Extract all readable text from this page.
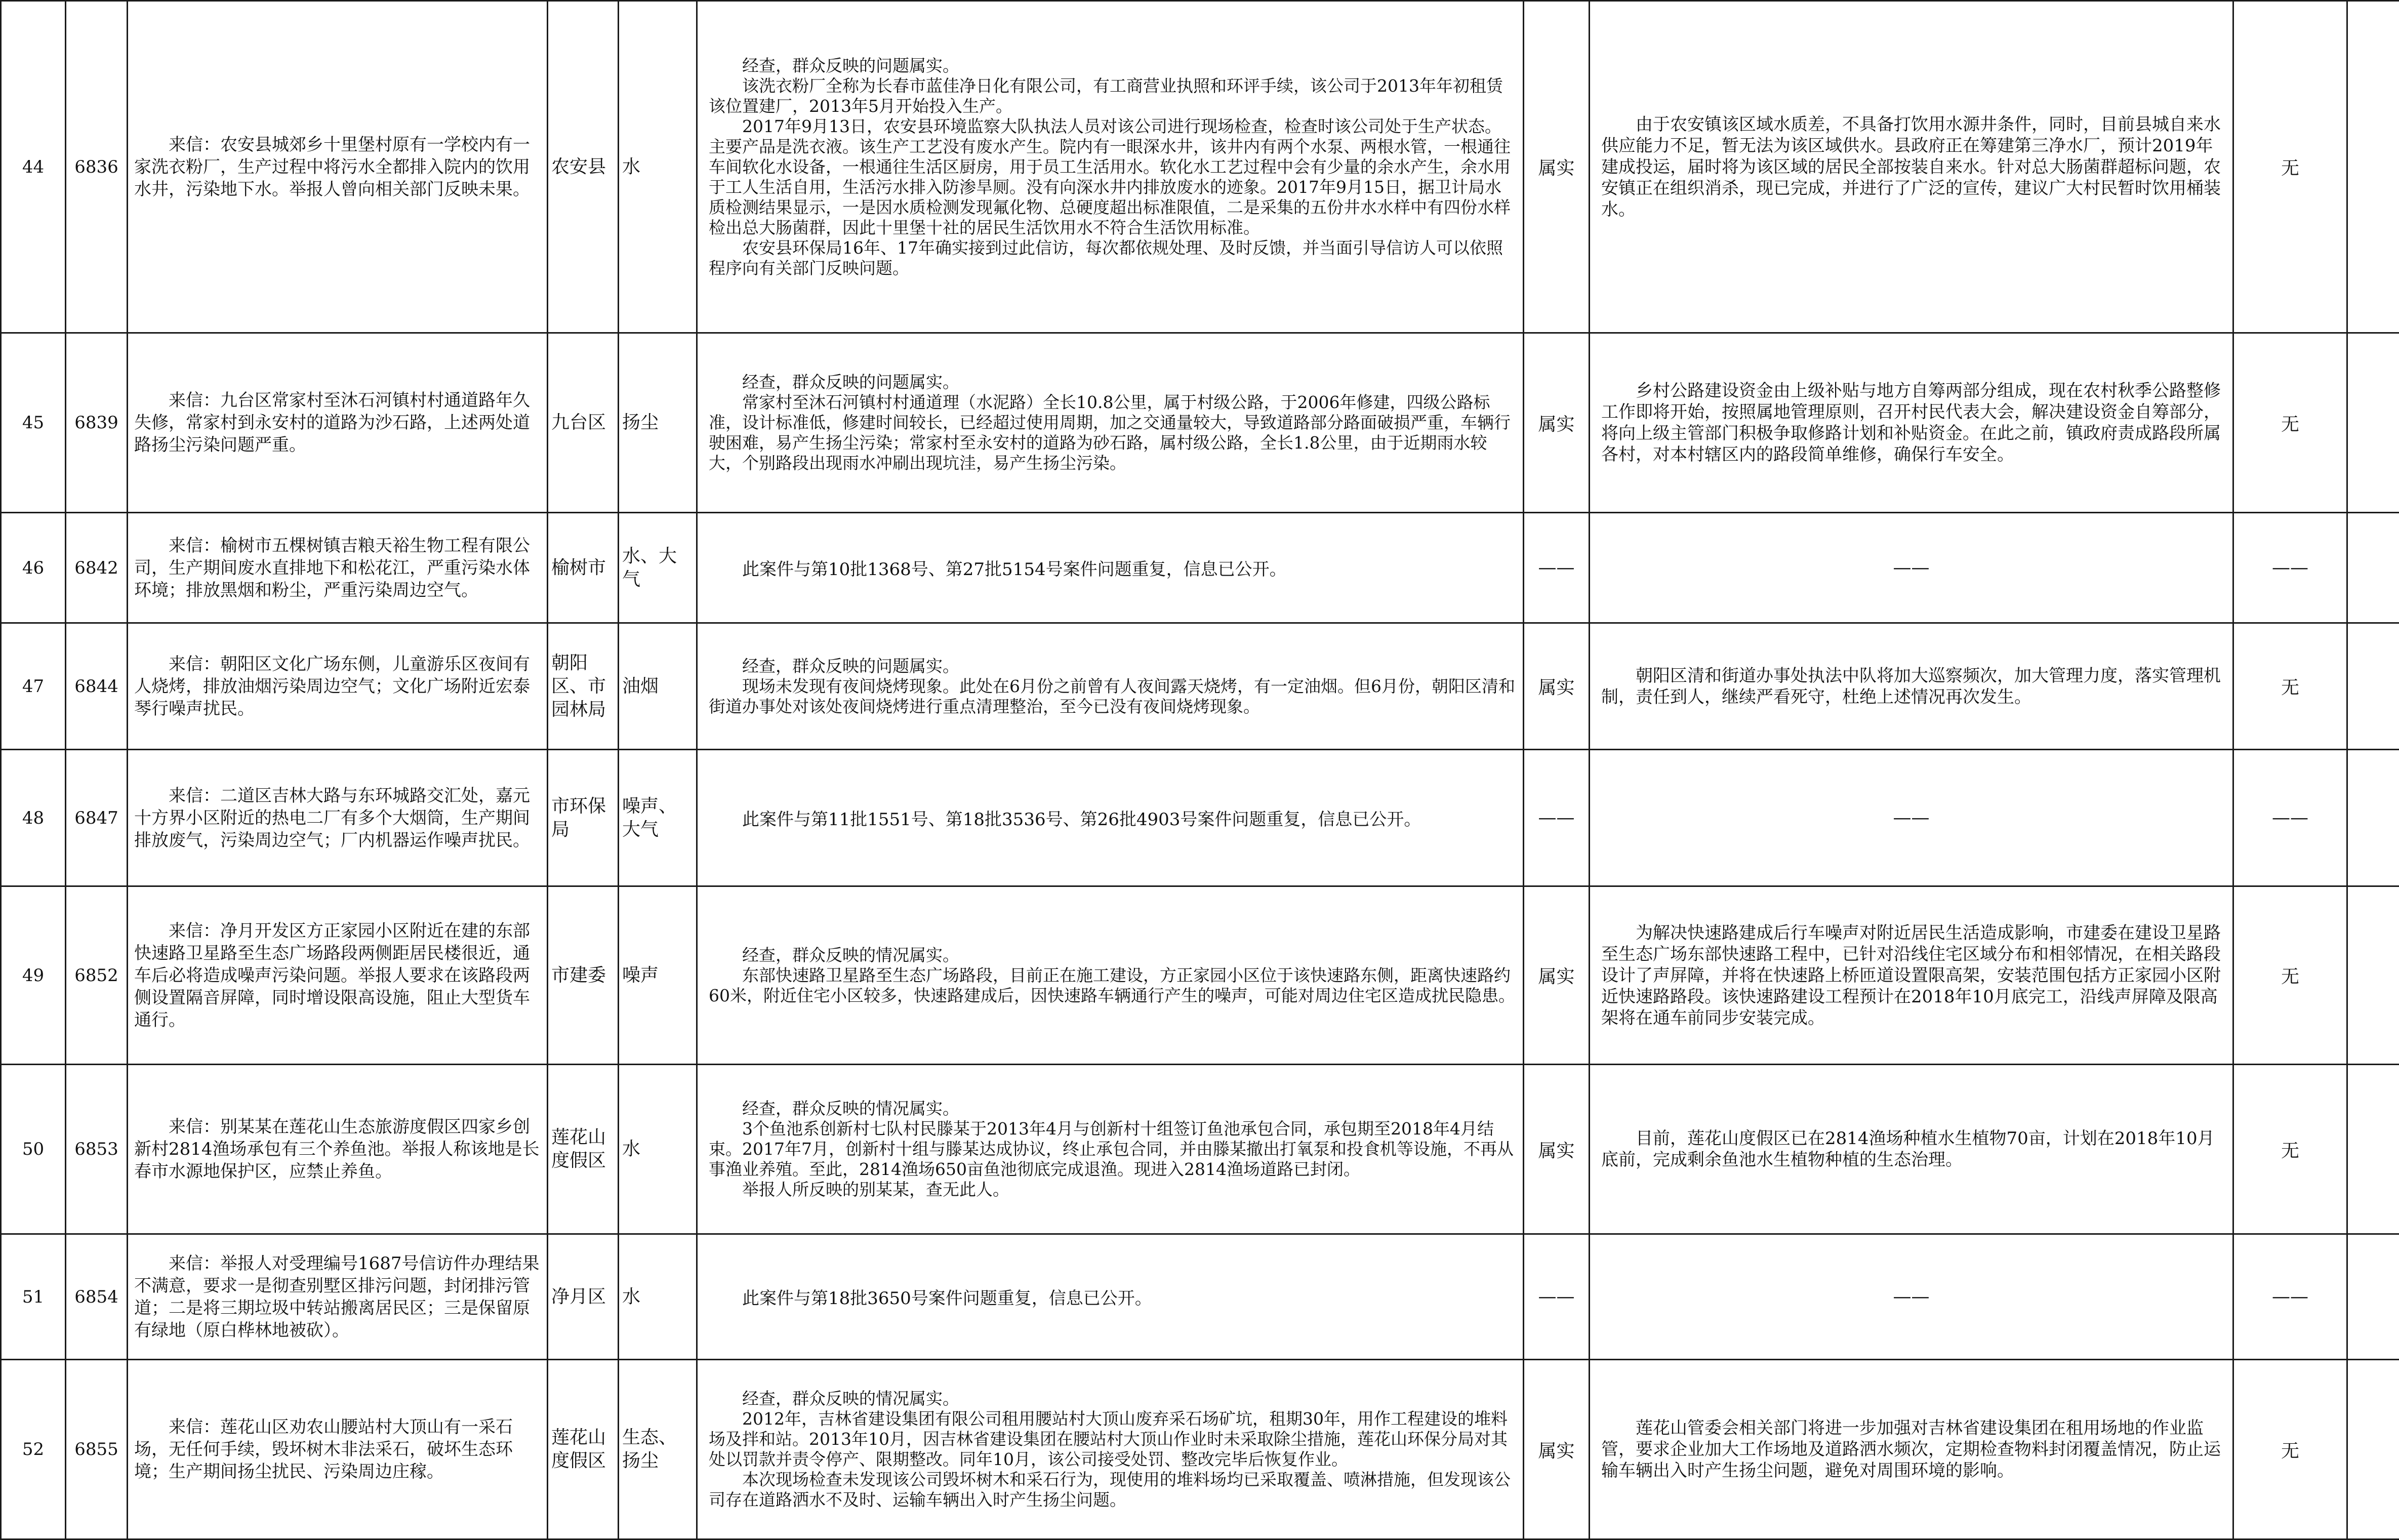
44	6836	来信：农安县城郊乡十里堡村原有一学校内有一家洗衣粉厂，生产过程中将污水全都排入院内的饮用水井，污染地下水。举报人曾向相关部门反映未果。	农安县	水	经查，群众反映的问题属实。

该洗衣粉厂全称为长春市蓝佳净日化有限公司，有工商营业执照和环评手续，该公司于2013年年初租赁该位置建厂，2013年5月开始投入生产。

2017年9月13日，农安县环境监察大队执法人员对该公司进行现场检查，检查时该公司处于生产状态。主要产品是洗衣液。该生产工艺没有废水产生。院内有一眼深水井，该井内有两个水泵、两根水管，一根通往车间软化水设备，一根通往生活区厨房，用于员工生活用水。软化水工艺过程中会有少量的余水产生，余水用于工人生活自用，生活污水排入防渗旱厕。没有向深水井内排放废水的迹象。2017年9月15日，据卫计局水质检测结果显示，一是因水质检测发现氟化物、总硬度超出标准限值，二是采集的五份井水水样中有四份水样检出总大肠菌群，因此十里堡十社的居民生活饮用水不符合生活饮用标准。

农安县环保局16年、17年确实接到过此信访，每次都依规处理、及时反馈，并当面引导信访人可以依照程序向有关部门反映问题。	属实	由于农安镇该区域水质差，不具备打饮用水源井条件，同时，目前县城自来水供应能力不足，暂无法为该区域供水。县政府正在筹建第三净水厂，预计2019年建成投运，届时将为该区域的居民全部按装自来水。针对总大肠菌群超标问题，农安镇正在组织消杀，现已完成，并进行了广泛的宣传，建议广大村民暂时饮用桶装水。	无	
45	6839	来信：九台区常家村至沐石河镇村村通道路年久失修，常家村到永安村的道路为沙石路，上述两处道路扬尘污染问题严重。	九台区	扬尘	经查，群众反映的问题属实。

常家村至沐石河镇村村通道理（水泥路）全长10.8公里，属于村级公路，于2006年修建，四级公路标准，设计标准低，修建时间较长，已经超过使用周期，加之交通量较大，导致道路部分路面破损严重，车辆行驶困难，易产生扬尘污染；常家村至永安村的道路为砂石路，属村级公路，全长1.8公里，由于近期雨水较大，个别路段出现雨水冲刷出现坑洼，易产生扬尘污染。	属实	乡村公路建设资金由上级补贴与地方自筹两部分组成，现在农村秋季公路整修工作即将开始，按照属地管理原则，召开村民代表大会，解决建设资金自筹部分，将向上级主管部门积极争取修路计划和补贴资金。在此之前，镇政府责成路段所属各村，对本村辖区内的路段简单维修，确保行车安全。	无	
46	6842	来信：榆树市五棵树镇吉粮天裕生物工程有限公司，生产期间废水直排地下和松花江，严重污染水体环境；排放黑烟和粉尘，严重污染周边空气。	榆树市	水、大气	此案件与第10批1368号、第27批5154号案件问题重复，信息已公开。	——	——	——	
47	6844	来信：朝阳区文化广场东侧，儿童游乐区夜间有人烧烤，排放油烟污染周边空气；文化广场附近宏泰琴行噪声扰民。	朝阳区、市园林局	油烟	经查，群众反映的问题属实。

现场未发现有夜间烧烤现象。此处在6月份之前曾有人夜间露天烧烤，有一定油烟。但6月份，朝阳区清和街道办事处对该处夜间烧烤进行重点清理整治，至今已没有夜间烧烤现象。	属实	朝阳区清和街道办事处执法中队将加大巡察频次，加大管理力度，落实管理机制，责任到人，继续严看死守，杜绝上述情况再次发生。	无	
48	6847	来信：二道区吉林大路与东环城路交汇处，嘉元十方界小区附近的热电二厂有多个大烟筒，生产期间排放废气，污染周边空气；厂内机器运作噪声扰民。	市环保局	噪声、大气	此案件与第11批1551号、第18批3536号、第26批4903号案件问题重复，信息已公开。	——	——	——	
49	6852	来信：净月开发区方正家园小区附近在建的东部快速路卫星路至生态广场路段两侧距居民楼很近，通车后必将造成噪声污染问题。举报人要求在该路段两侧设置隔音屏障，同时增设限高设施，阻止大型货车通行。	市建委	噪声	经查，群众反映的情况属实。

东部快速路卫星路至生态广场路段，目前正在施工建设，方正家园小区位于该快速路东侧，距离快速路约60米，附近住宅小区较多，快速路建成后，因快速路车辆通行产生的噪声，可能对周边住宅区造成扰民隐患。	属实	为解决快速路建成后行车噪声对附近居民生活造成影响，市建委在建设卫星路至生态广场东部快速路工程中，已针对沿线住宅区域分布和相邻情况，在相关路段设计了声屏障，并将在快速路上桥匝道设置限高架，安装范围包括方正家园小区附近快速路路段。该快速路建设工程预计在2018年10月底完工，沿线声屏障及限高架将在通车前同步安装完成。	无	
50	6853	来信：别某某在莲花山生态旅游度假区四家乡创新村2814渔场承包有三个养鱼池。举报人称该地是长春市水源地保护区，应禁止养鱼。	莲花山度假区	水	经查，群众反映的情况属实。

3个鱼池系创新村七队村民滕某于2013年4月与创新村十组签订鱼池承包合同，承包期至2018年4月结束。2017年7月，创新村十组与滕某达成协议，终止承包合同，并由滕某撤出打氧泵和投食机等设施，不再从事渔业养殖。至此，2814渔场650亩鱼池彻底完成退渔。现进入2814渔场道路已封闭。

举报人所反映的别某某，查无此人。	属实	目前，莲花山度假区已在2814渔场种植水生植物70亩，计划在2018年10月底前，完成剩余鱼池水生植物种植的生态治理。	无	
51	6854	来信：举报人对受理编号1687号信访件办理结果不满意，要求一是彻查别墅区排污问题，封闭排污管道；二是将三期垃圾中转站搬离居民区；三是保留原有绿地（原白桦林地被砍）。	净月区	水	此案件与第18批3650号案件问题重复，信息已公开。	——	——	——	
52	6855	来信：莲花山区劝农山腰站村大顶山有一采石场，无任何手续，毁坏树木非法采石，破坏生态环境；生产期间扬尘扰民、污染周边庄稼。	莲花山度假区	生态、扬尘	经查，群众反映的情况属实。

2012年，吉林省建设集团有限公司租用腰站村大顶山废弃采石场矿坑，租期30年，用作工程建设的堆料场及拌和站。2013年10月，因吉林省建设集团在腰站村大顶山作业时未采取除尘措施，莲花山环保分局对其处以罚款并责令停产、限期整改。同年10月，该公司接受处罚、整改完毕后恢复作业。

本次现场检查未发现该公司毁坏树木和采石行为，现使用的堆料场均已采取覆盖、喷淋措施，但发现该公司存在道路洒水不及时、运输车辆出入时产生扬尘问题。	属实	莲花山管委会相关部门将进一步加强对吉林省建设集团在租用场地的作业监管，要求企业加大工作场地及道路洒水频次，定期检查物料封闭覆盖情况，防止运输车辆出入时产生扬尘问题，避免对周围环境的影响。	无	
